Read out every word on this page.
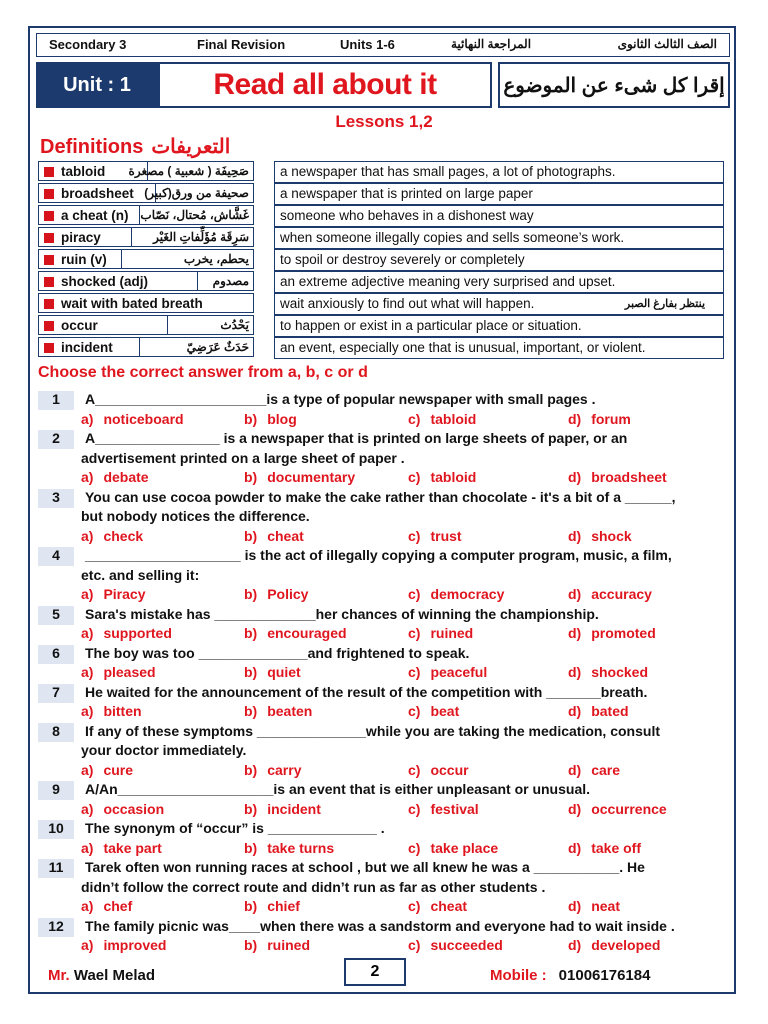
Secondary 3	Final Revision	Units 1-6	المراجعة النهائية	الصف الثالث الثانوى
Unit : 1	Read all about it	إقرا كل شىء عن الموضوع
Lessons 1,2
Definitions التعريفات
tabloid صَحِيفَة ( شعبية ) مصغرة	a newspaper that has small pages, a lot of photographs.
broadsheet صحيفة من ورق(كبير)	a newspaper that is printed on large paper
a cheat (n) غَشَّاش، مُحتال، نَصّاب	someone who behaves in a dishonest way
piracy	سَرِقَة مُؤَلِّفاتِ الغَيْر	when someone illegally copies and sells someone’s work.
ruin (v)	يحطم، يخرب	to spoil or destroy severely or completely
shocked (adj)	مصدوم	an extreme adjective meaning very surprised and upset.
wait with bated breath	wait anxiously to find out what will happen.	ينتظر بفارغ الصبر
occur	يَحْدُث	to happen or exist in a particular place or situation.
incident	حَدَثٌ عَرَضِيّ	an event, especially one that is unusual, important, or violent.
Choose the correct answer from a, b, c or d
1	A______________________is a type of popular newspaper with small pages .
a) noticeboard	b) blog	c) tabloid	d) forum
2	A________________ is a newspaper that is printed on large sheets of paper, or an
advertisement printed on a large sheet of paper .
a) debate	b) documentary	c) tabloid	d) broadsheet
3	You can use cocoa powder to make the cake rather than chocolate - it's a bit of a ______,
but nobody notices the difference.
a) check	b) cheat	c) trust	d) shock
4	____________________ is the act of illegally copying a computer program, music, a film,
etc. and selling it:
a) Piracy	b) Policy	c) democracy	d) accuracy
5	Sara's mistake has _____________her chances of winning the championship.
a) supported	b) encouraged	c) ruined	d) promoted
6	The boy was too ______________and frightened to speak.
a) pleased	b) quiet	c) peaceful	d) shocked
7	He waited for the announcement of the result of the competition with _______breath.
a) bitten	b) beaten	c) beat	d) bated
8	If any of these symptoms ______________while you are taking the medication, consult
your doctor immediately.
a) cure	b) carry	c) occur	d) care
9	A/An____________________is an event that is either unpleasant or unusual.
a) occasion	b) incident	c) festival	d) occurrence
10	The synonym of “occur” is ______________ .
a) take part	b) take turns	c) take place	d) take off
11	Tarek often won running races at school , but we all knew he was a ___________. He
didn’t follow the correct route and didn’t run as far as other students .
a) chef	b) chief	c) cheat	d) neat
12	The family picnic was____when there was a sandstorm and everyone had to wait inside .
a) improved	b) ruined	c) succeeded	d) developed
Mr. Wael Melad	2	Mobile : 01006176184
